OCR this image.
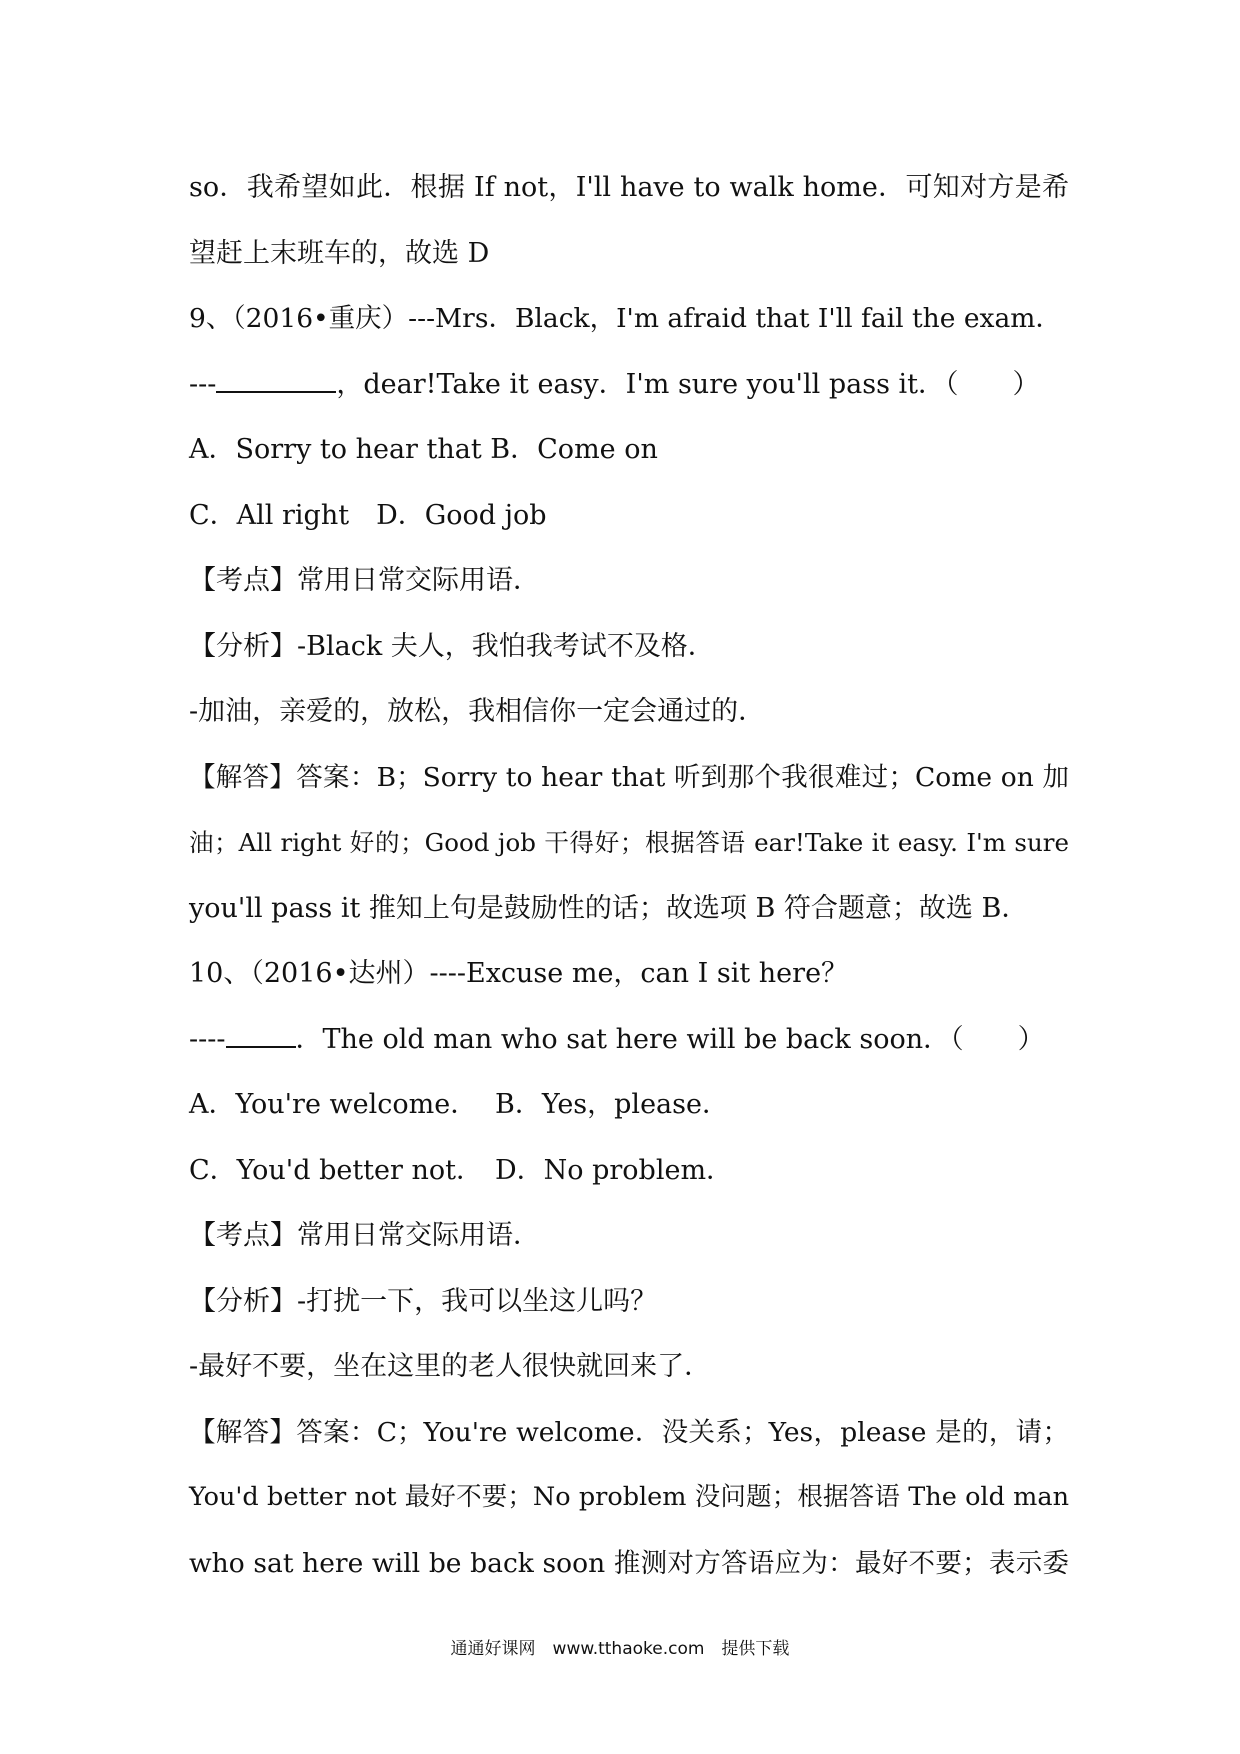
so．我希望如此．根据 If not，I'll have to walk home．可知对方是希
望赶上末班车的，故选 D
9、（2016•重庆）---Mrs．Black，I'm afraid that I'll fail the exam．
---	，dear!Take it easy．I'm sure you'll pass it．（　　）
A．Sorry to hear that B．Come on
C．All right　D．Good job
【考点】常用日常交际用语．
【分析】-Black 夫人，我怕我考试不及格．
-加油，亲爱的，放松，我相信你一定会通过的．
【解答】答案：B；Sorry to hear that 听到那个我很难过；Come on 加
油；All right 好的；Good job 干得好；根据答语 ear!Take it easy. I'm sure
you'll pass it 推知上句是鼓励性的话；故选项 B 符合题意；故选 B．
10、（2016•达州）----Excuse me，can I sit here？
----	．The old man who sat here will be back soon．（　　）
A．You're welcome． B．Yes，please．
C．You'd better not． D．No problem．
【考点】常用日常交际用语．
【分析】-打扰一下，我可以坐这儿吗？
-最好不要，坐在这里的老人很快就回来了．
【解答】答案：C；You're welcome．没关系；Yes，please 是的，请；
You'd better not 最好不要；No problem 没问题；根据答语 The old man
who sat here will be back soon 推测对方答语应为：最好不要；表示委
通通好课网　www.tthaoke.com　提供下载
